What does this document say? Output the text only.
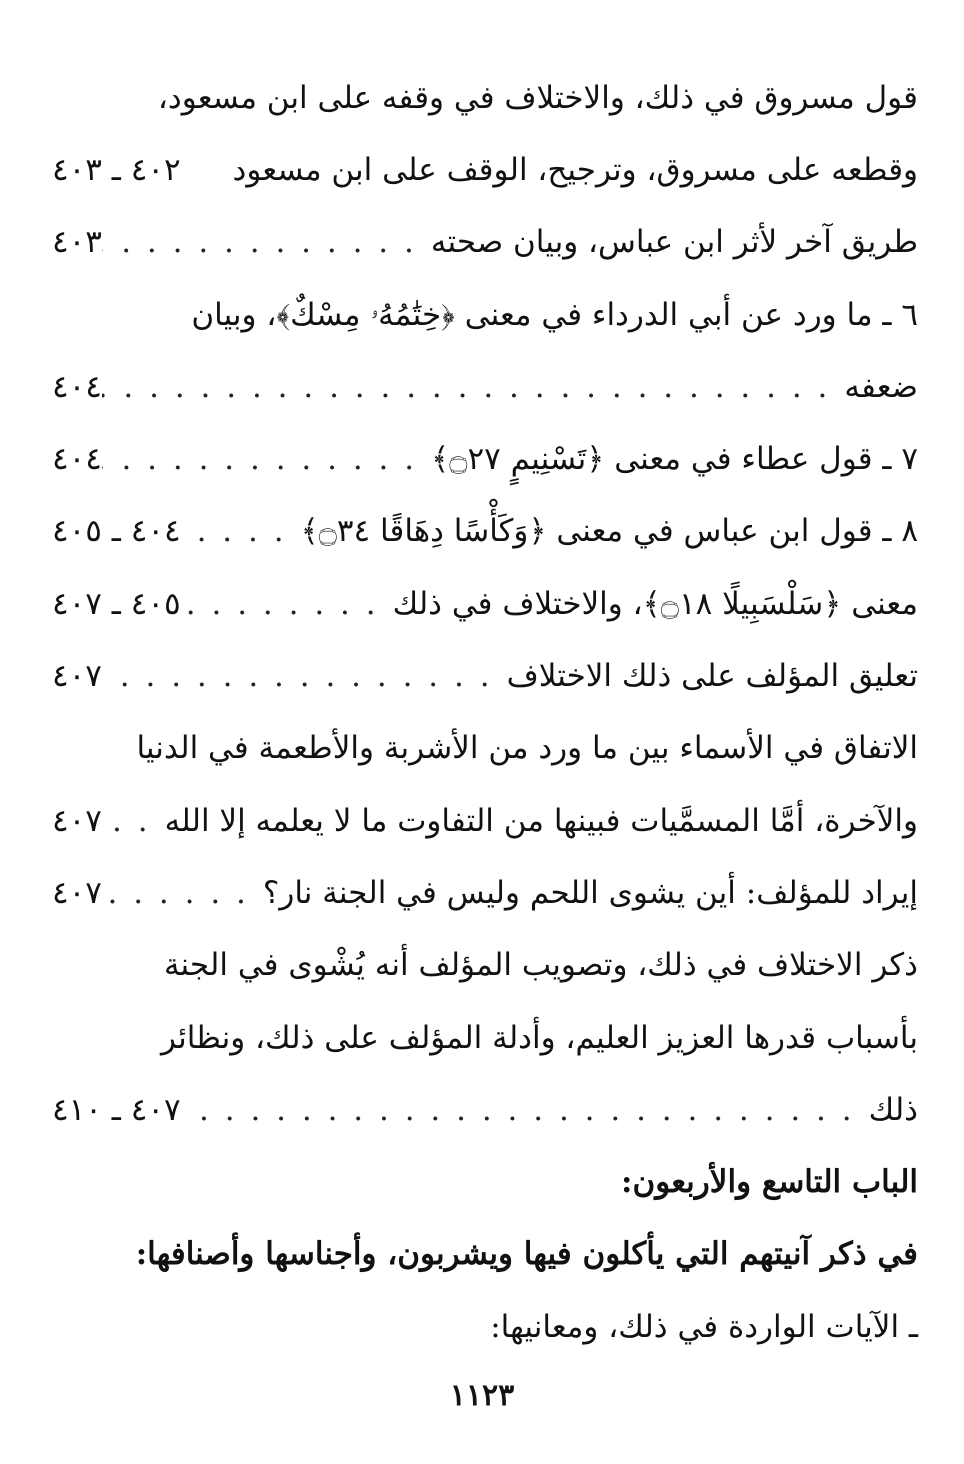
قول مسروق في ذلك، والاختلاف في وقفه على ابن مسعود،
وقطعه على مسروق، وترجيح، الوقف على ابن مسعود
٤٠٢ ـ ٤٠٣
طريق آخر لأثر ابن عباس، وبيان صحته
. . .
٤٠٣
٦ ـ ما ورد عن أبي الدرداء في معنى ﴿خِتَٰمُهُۥ مِسْكٌ﴾، وبيان
ضعفه
. . .
٤٠٤
٧ ـ قول عطاء في معنى ﴿تَسْنِيمٍ ۝٢٧﴾
. . .
٤٠٤
٨ ـ قول ابن عباس في معنى ﴿وَكَأْسًا دِهَاقًا ۝٣٤﴾
. . .
٤٠٤ ـ ٤٠٥
معنى ﴿سَلْسَبِيلًا ۝١٨﴾، والاختلاف في ذلك
. . .
٤٠٥ ـ ٤٠٧
تعليق المؤلف على ذلك الاختلاف
. . .
٤٠٧
الاتفاق في الأسماء بين ما ورد من الأشربة والأطعمة في الدنيا
والآخرة، أمَّا المسمَّيات فبينها من التفاوت ما لا يعلمه إلا الله
. . .
٤٠٧
إيراد للمؤلف: أين يشوى اللحم وليس في الجنة نار؟
. . .
٤٠٧
ذكر الاختلاف في ذلك، وتصويب المؤلف أنه يُشْوى في الجنة
بأسباب قدرها العزيز العليم، وأدلة المؤلف على ذلك، ونظائر
ذلك
. . .
٤٠٧ ـ ٤١٠
الباب التاسع والأربعون:
في ذكر آنيتهم التي يأكلون فيها ويشربون، وأجناسها وأصنافها:
ـ الآيات الواردة في ذلك، ومعانيها:
١١٢٣
